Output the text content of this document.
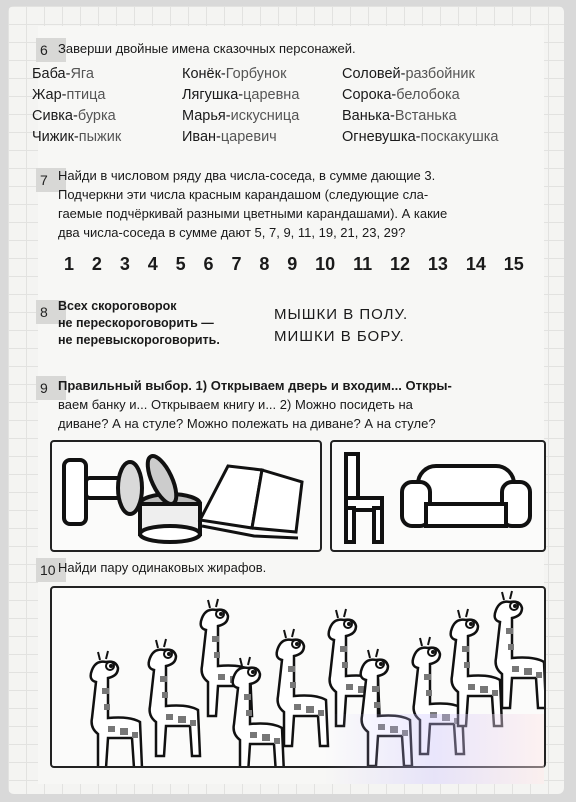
6 Заверши двойные имена сказочных персонажей.
Баба-Яга	Конёк-Горбунок	Соловей-разбойник
Жар-птица	Лягушка-царевна	Сорока-белобока
Сивка-бурка	Марья-искусница	Ванька-Встанька
Чижик-пыжик	Иван-царевич	Огневушка-поскакушка
7 Найди в числовом ряду два числа-соседа, в сумме дающие 3.
Подчеркни эти числа красным карандашом (следующие сла-
гаемые подчёркивай разными цветными карандашами). А какие
два числа-соседа в сумме дают 5, 7, 9, 11, 19, 21, 23, 29?
1 2 3 4 5 6 7 8 9 10 11 12 13 14 15
8 Всех скороговорок
не перескороговорить —
не перевыскороговорить.
МЫШКИ В ПОЛУ.
МИШКИ В БОРУ.
9 Правильный выбор. 1) Открываем дверь и входим... Откры-
ваем банку и... Открываем книгу и... 2) Можно посидеть на
диване? А на стуле? Можно полежать на диване? А на стуле?
10 Найди пару одинаковых жирафов.
